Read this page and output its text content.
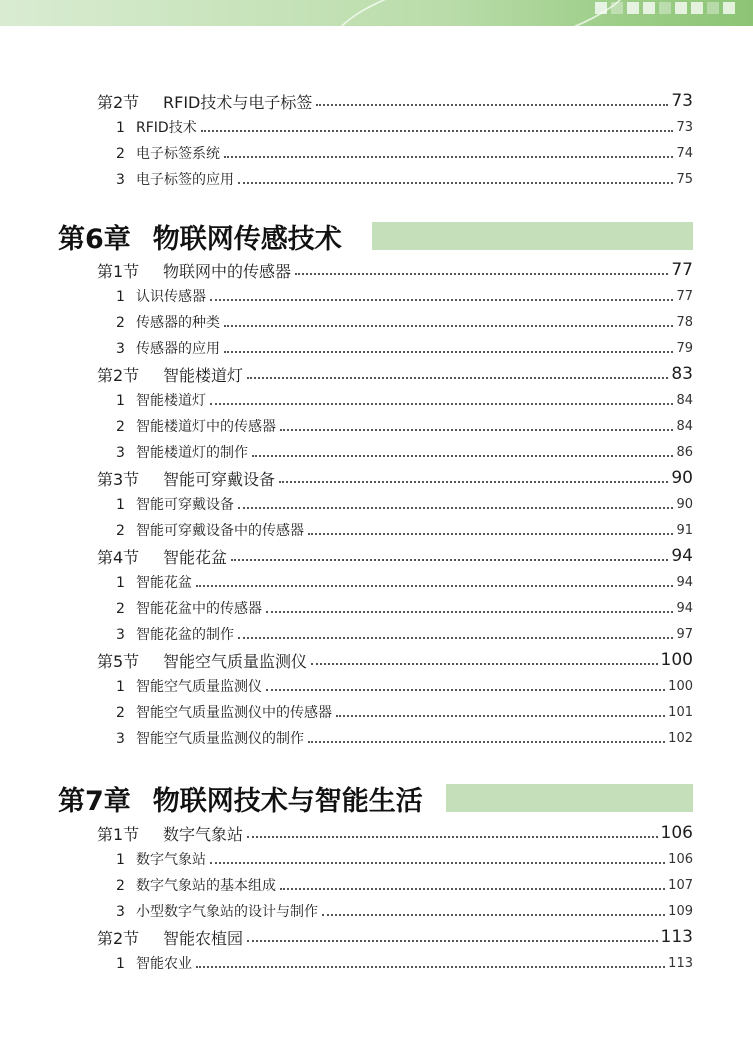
第6章 物联网传感技术
第7章 物联网技术与智能生活
第2节 RFID技术与电子标签	73
1 RFID技术	73
2 电子标签系统	74
3 电子标签的应用	75
第1节 物联网中的传感器	77
1 认识传感器	77
2 传感器的种类	78
3 传感器的应用	79
第2节 智能楼道灯	83
1 智能楼道灯	84
2 智能楼道灯中的传感器	84
3 智能楼道灯的制作	86
第3节 智能可穿戴设备	90
1 智能可穿戴设备	90
2 智能可穿戴设备中的传感器	91
第4节 智能花盆	94
1 智能花盆	94
2 智能花盆中的传感器	94
3 智能花盆的制作	97
第5节 智能空气质量监测仪	100
1 智能空气质量监测仪	100
2 智能空气质量监测仪中的传感器	101
3 智能空气质量监测仪的制作	102
第1节 数字气象站	106
1 数字气象站	106
2 数字气象站的基本组成	107
3 小型数字气象站的设计与制作	109
第2节 智能农植园	113
1 智能农业	113
